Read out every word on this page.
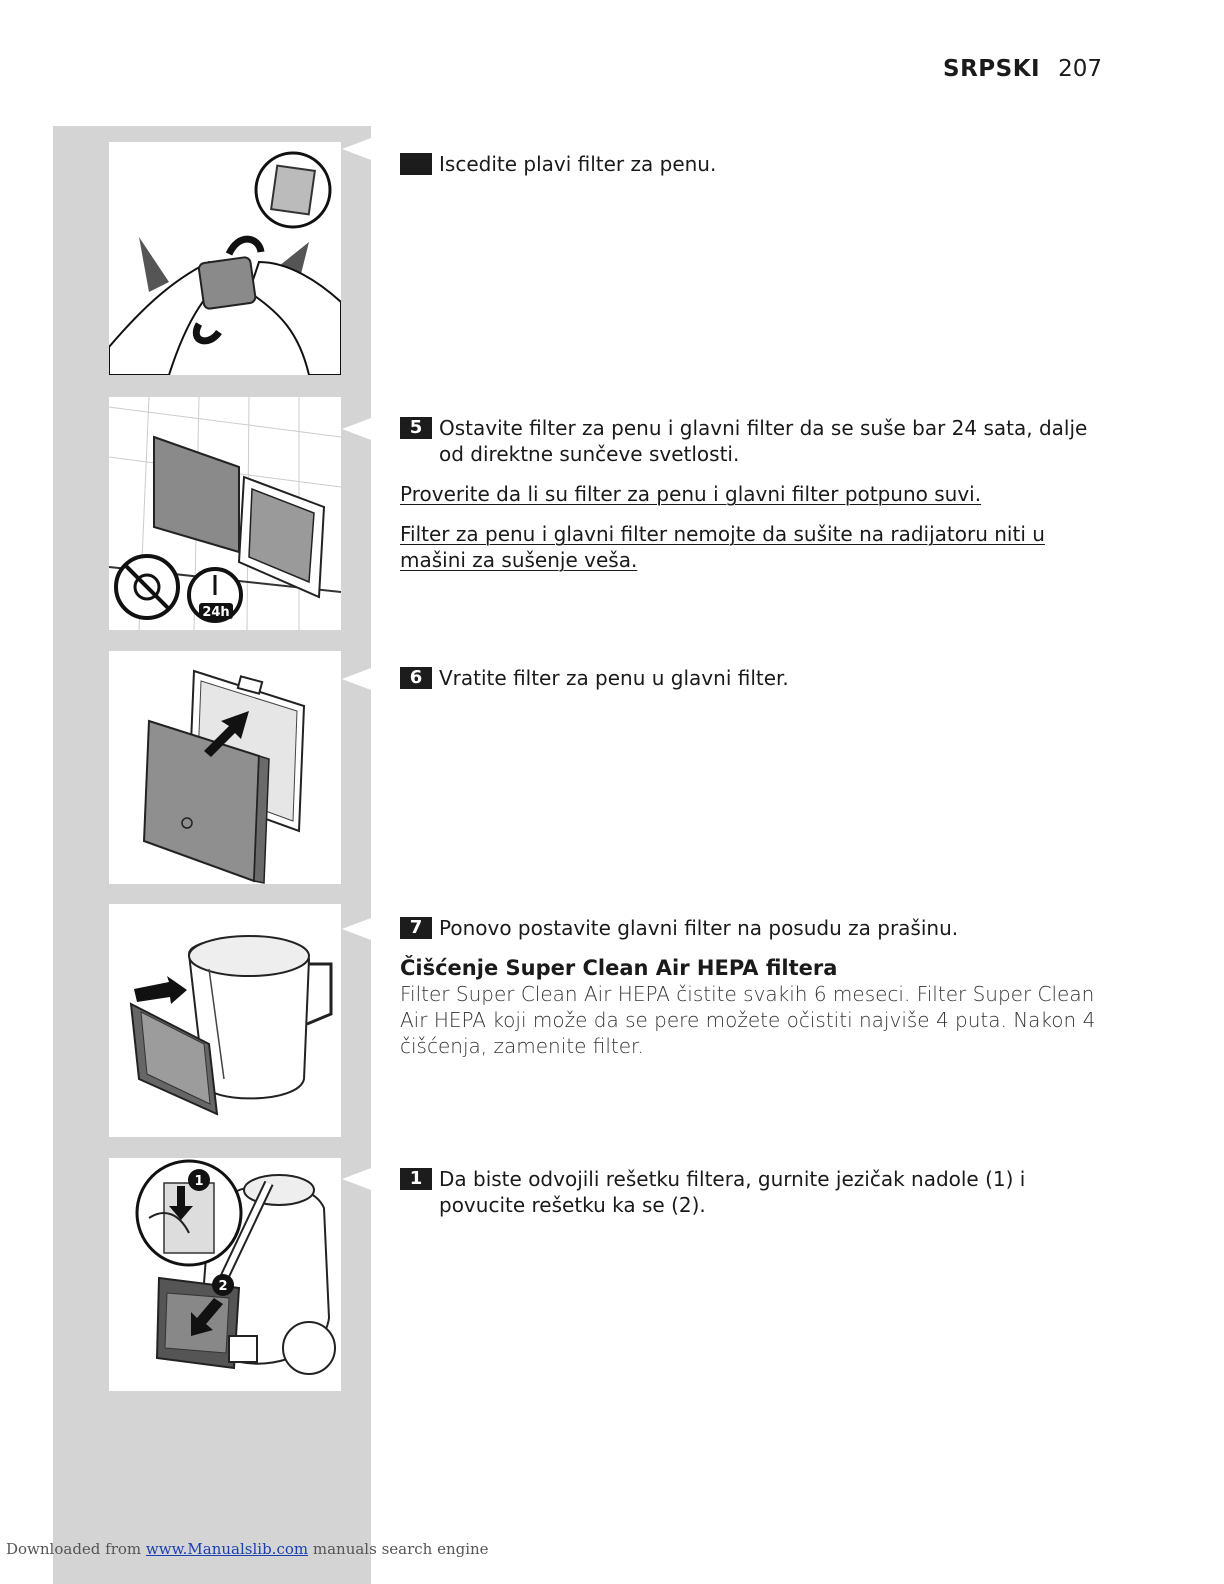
SRPSKI 207
24h
1
2
Iscedite plavi filter za penu.
5 Ostavite filter za penu i glavni filter da se suše bar 24 sata, dalje od direktne sunčeve svetlosti.
Proverite da li su filter za penu i glavni filter potpuno suvi.
Filter za penu i glavni filter nemojte da sušite na radijatoru niti u mašini za sušenje veša.
6 Vratite filter za penu u glavni filter.
7 Ponovo postavite glavni filter na posudu za prašinu.
Čišćenje Super Clean Air HEPA filtera
Filter Super Clean Air HEPA čistite svakih 6 meseci. Filter Super Clean Air HEPA koji može da se pere možete očistiti najviše 4 puta. Nakon 4 čišćenja, zamenite filter.
1 Da biste odvojili rešetku filtera, gurnite jezičak nadole (1) i povucite rešetku ka se (2).
Downloaded from www.Manualslib.com manuals search engine
